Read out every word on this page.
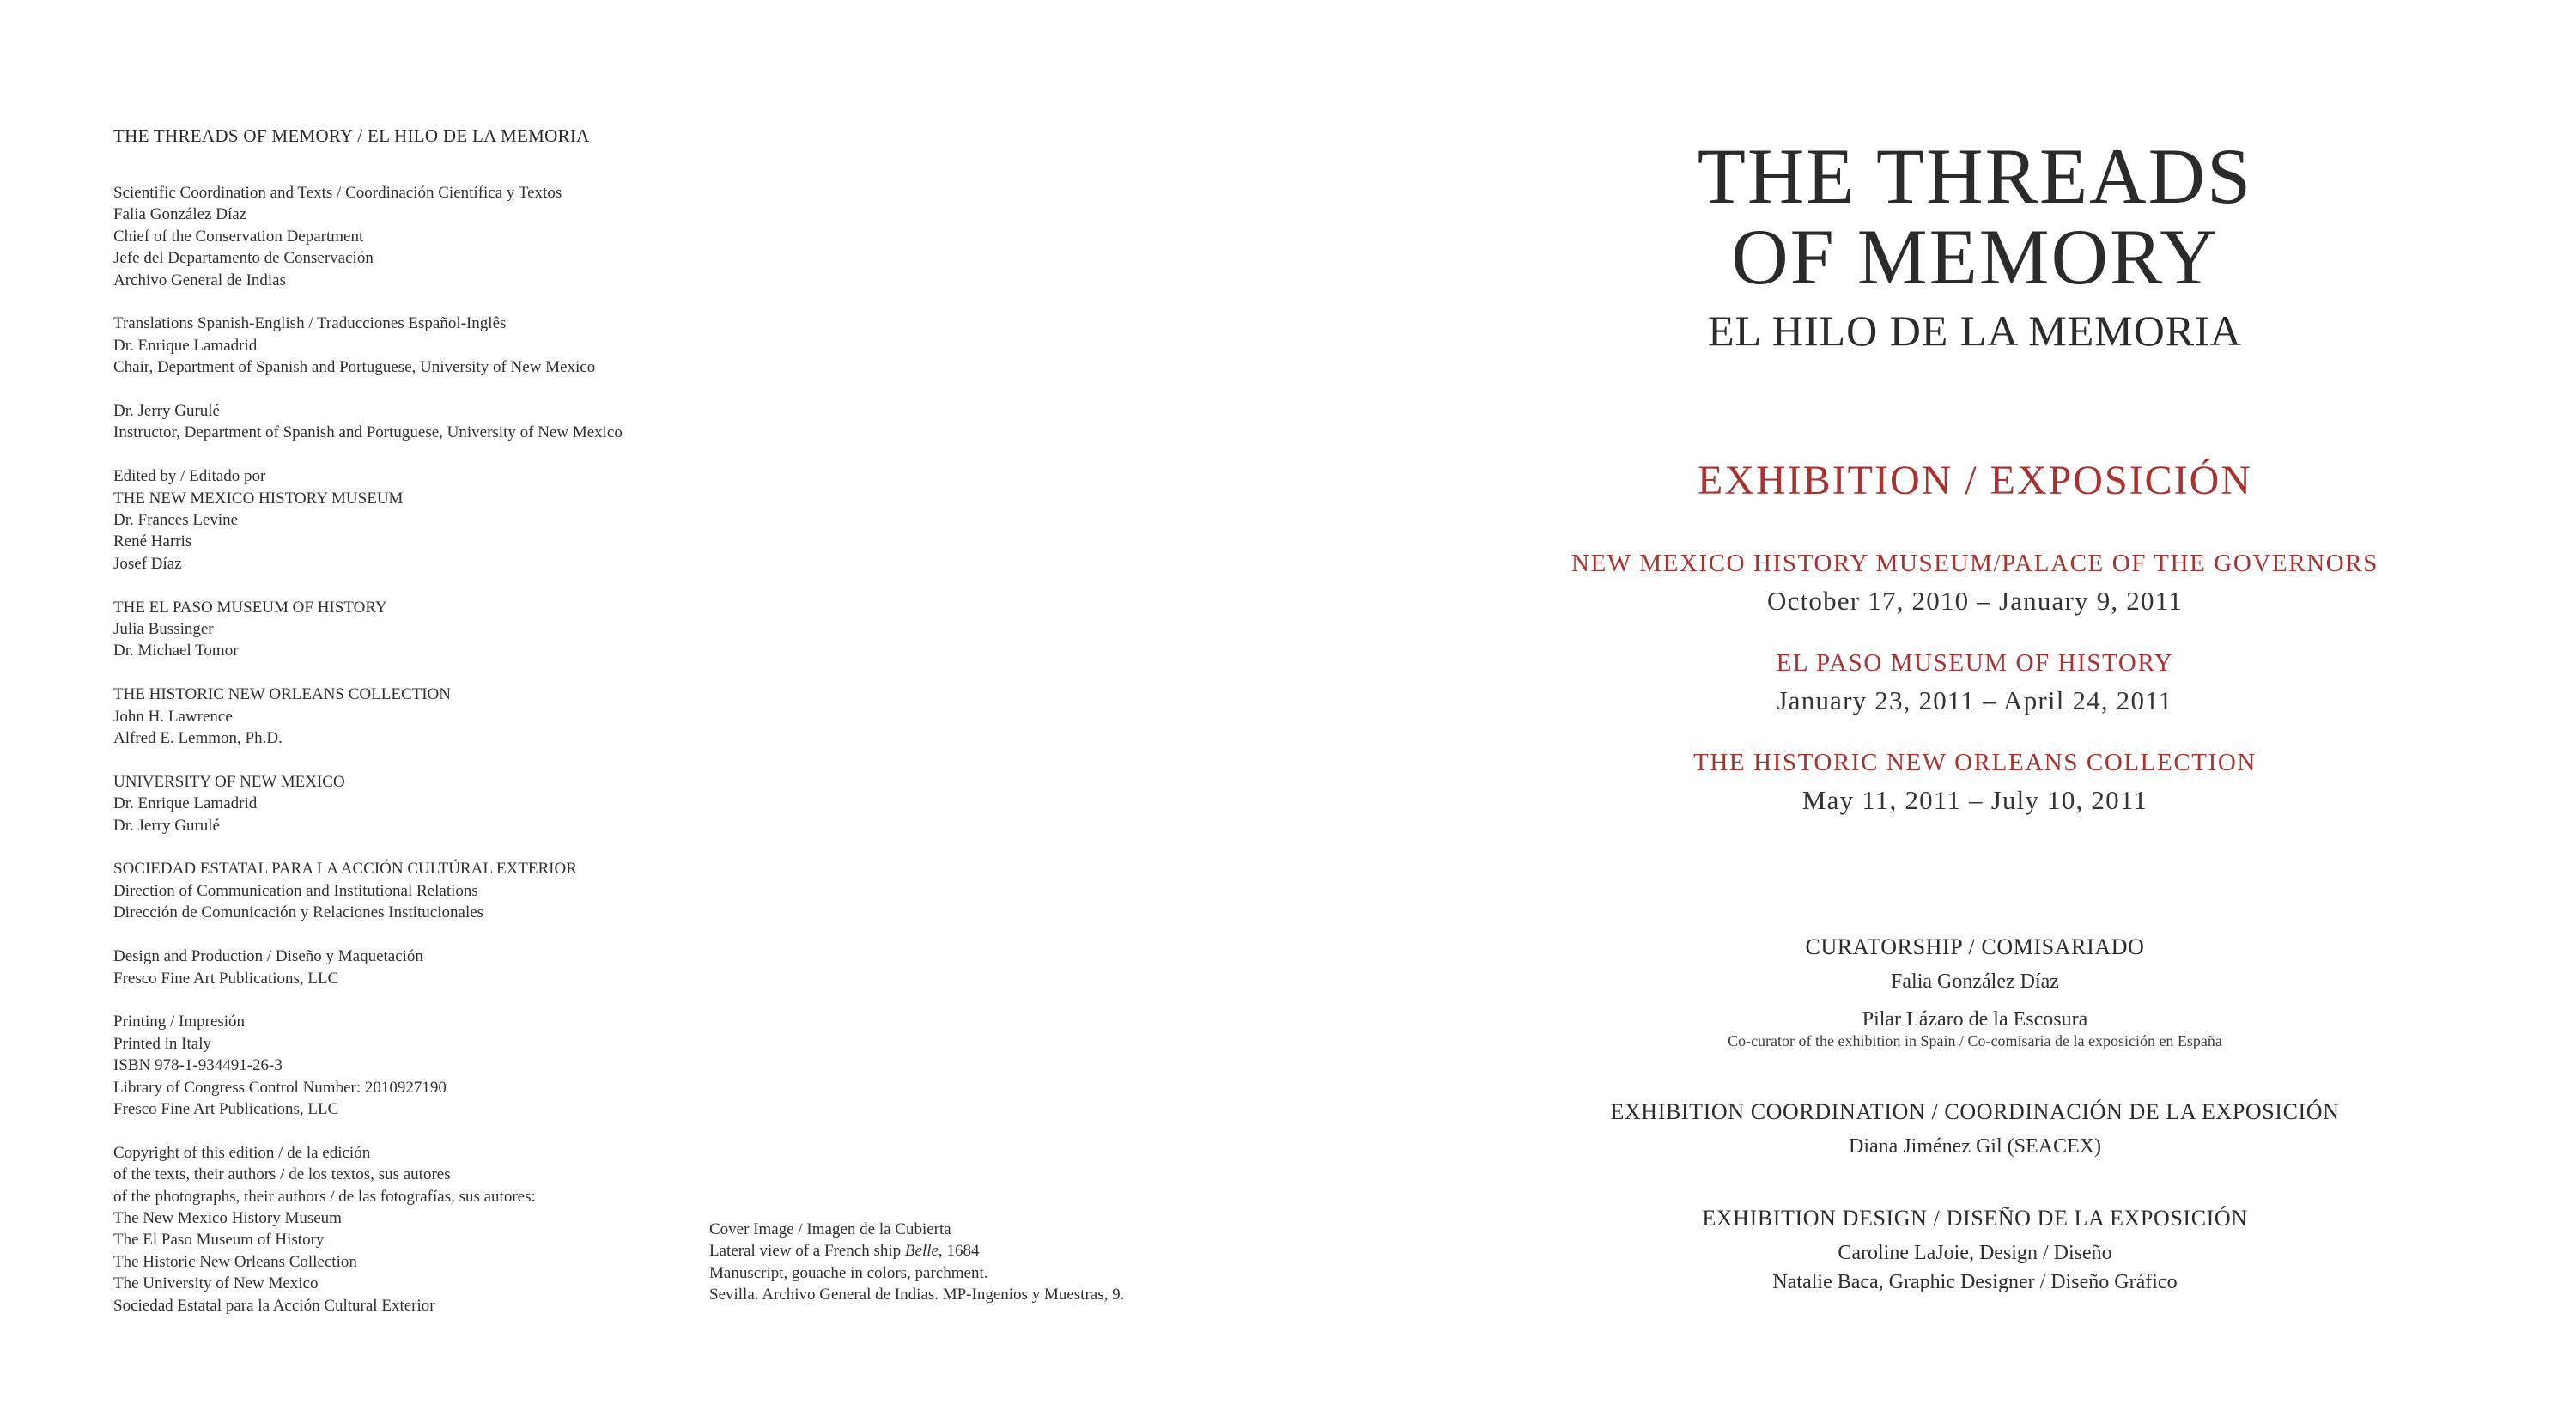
THE THREADS OF MEMORY / EL HILO DE LA MEMORIA
Scientific Coordination and Texts / Coordinación Científica y Textos
Falia González Díaz
Chief of the Conservation Department
Jefe del Departamento de Conservación
Archivo General de Indias
Translations Spanish-English / Traducciones Español-Inglês
Dr. Enrique Lamadrid
Chair, Department of Spanish and Portuguese, University of New Mexico
Dr. Jerry Gurulé
Instructor, Department of Spanish and Portuguese, University of New Mexico
Edited by / Editado por
THE NEW MEXICO HISTORY MUSEUM
Dr. Frances Levine
René Harris
Josef Díaz
THE EL PASO MUSEUM OF HISTORY
Julia Bussinger
Dr. Michael Tomor
THE HISTORIC NEW ORLEANS COLLECTION
John H. Lawrence
Alfred E. Lemmon, Ph.D.
UNIVERSITY OF NEW MEXICO
Dr. Enrique Lamadrid
Dr. Jerry Gurulé
SOCIEDAD ESTATAL PARA LA ACCIÓN CULTÚRAL EXTERIOR
Direction of Communication and Institutional Relations
Dirección de Comunicación y Relaciones Institucionales
Design and Production / Diseño y Maquetación
Fresco Fine Art Publications, LLC
Printing / Impresión
Printed in Italy
ISBN 978-1-934491-26-3
Library of Congress Control Number: 2010927190
Fresco Fine Art Publications, LLC
Copyright of this edition / de la edición
of the texts, their authors / de los textos, sus autores
of the photographs, their authors / de las fotografías, sus autores:
The New Mexico History Museum
The El Paso Museum of History
The Historic New Orleans Collection
The University of New Mexico
Sociedad Estatal para la Acción Cultural Exterior
Cover Image / Imagen de la Cubierta
Lateral view of a French ship Belle, 1684
Manuscript, gouache in colors, parchment.
Sevilla. Archivo General de Indias. MP-Ingenios y Muestras, 9.
THE THREADS
OF MEMORY
EL HILO DE LA MEMORIA
EXHIBITION / EXPOSICIÓN
NEW MEXICO HISTORY MUSEUM/PALACE OF THE GOVERNORS
October 17, 2010 – January 9, 2011
EL PASO MUSEUM OF HISTORY
January 23, 2011 – April 24, 2011
THE HISTORIC NEW ORLEANS COLLECTION
May 11, 2011 – July 10, 2011
CURATORSHIP / COMISARIADO
Falia González Díaz
Pilar Lázaro de la Escosura
Co-curator of the exhibition in Spain / Co-comisaria de la exposición en España
EXHIBITION COORDINATION / COORDINACIÓN DE LA EXPOSICIÓN
Diana Jiménez Gil (SEACEX)
EXHIBITION DESIGN / DISEÑO DE LA EXPOSICIÓN
Caroline LaJoie, Design / Diseño
Natalie Baca, Graphic Designer / Diseño Gráfico
